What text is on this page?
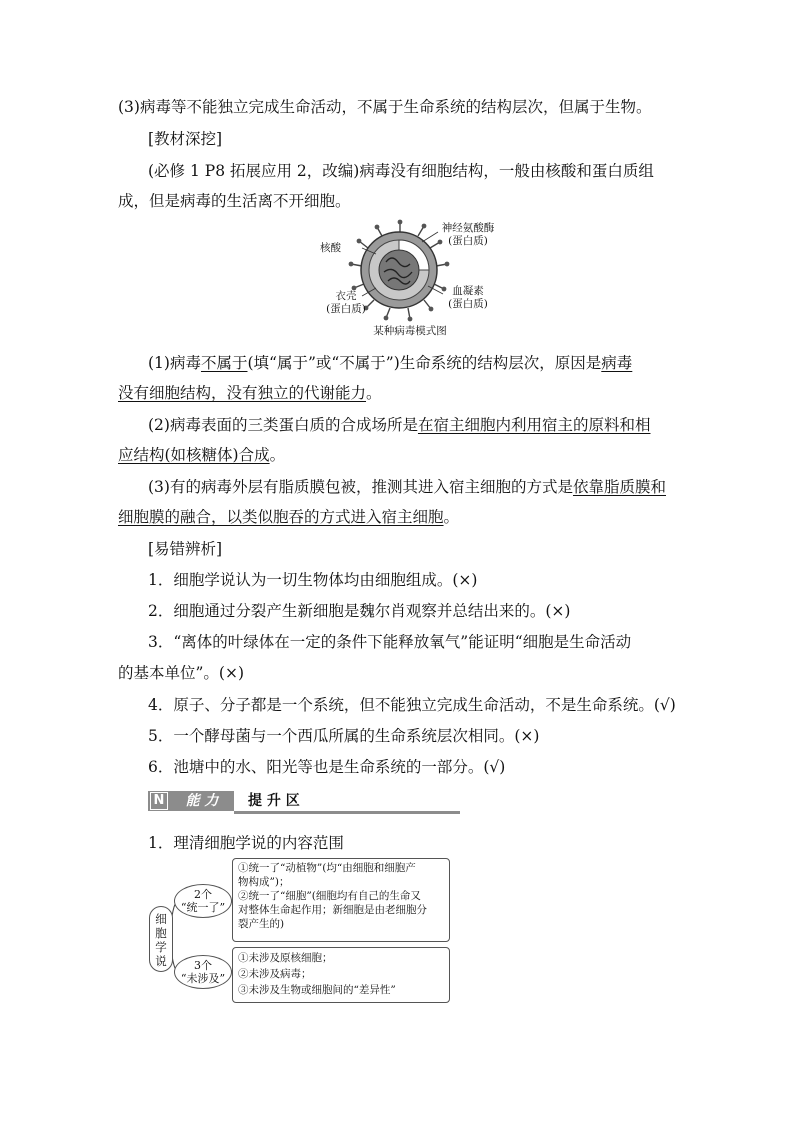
(3)病毒等不能独立完成生命活动，不属于生命系统的结构层次，但属于生物。
[教材深挖]
(必修 1 P8 拓展应用 2，改编)病毒没有细胞结构，一般由核酸和蛋白质组成，但是病毒的生活离不开细胞。
核酸
神经氨酸酶
(蛋白质)
血凝素
(蛋白质)
衣壳
(蛋白质)
某种病毒模式图
(1)病毒不属于(填“属于”或“不属于”)生命系统的结构层次，原因是病毒
没有细胞结构，没有独立的代谢能力。
(2)病毒表面的三类蛋白质的合成场所是在宿主细胞内利用宿主的原料和相
应结构(如核糖体)合成。
(3)有的病毒外层有脂质膜包被，推测其进入宿主细胞的方式是依靠脂质膜和
细胞膜的融合，以类似胞吞的方式进入宿主细胞。
[易错辨析]
1．细胞学说认为一切生物体均由细胞组成。(×)
2．细胞通过分裂产生新细胞是魏尔肖观察并总结出来的。(×)
3．“离体的叶绿体在一定的条件下能释放氧气”能证明“细胞是生命活动
的基本单位”。(×)
4．原子、分子都是一个系统，但不能独立完成生命活动，不是生命系统。(√)
5．一个酵母菌与一个西瓜所属的生命系统层次相同。(×)
6．池塘中的水、阳光等也是生命系统的一部分。(√)
N	能 力	提 升 区
1．理清细胞学说的内容范围
细
胞
学
说
2个
“统一了”
3个
“未涉及”
①统一了“动植物”(均“由细胞和细胞产
物构成”)；
②统一了“细胞”(细胞均有自己的生命又
对整体生命起作用；新细胞是由老细胞分
裂产生的)
①未涉及原核细胞；
②未涉及病毒；
③未涉及生物或细胞间的“差异性”
